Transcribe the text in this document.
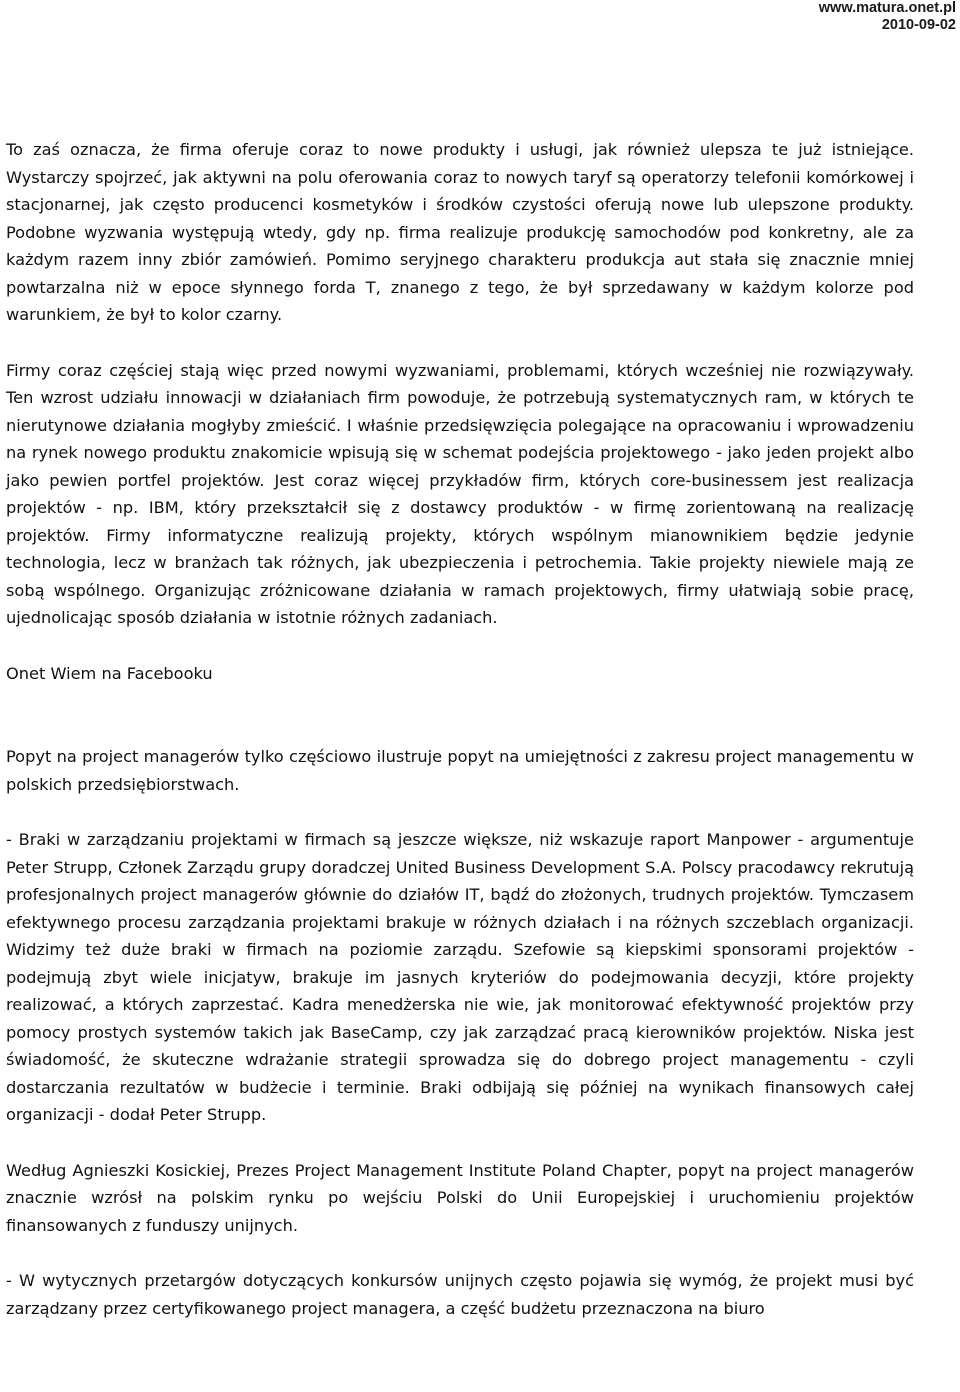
www.matura.onet.pl
2010-09-02

To zaś oznacza, że firma oferuje coraz to nowe produkty i usługi, jak również ulepsza te już istniejące. Wystarczy spojrzeć, jak aktywni na polu oferowania coraz to nowych taryf są operatorzy telefonii komórkowej i stacjonarnej, jak często producenci kosmetyków i środków czystości oferują nowe lub ulepszone produkty. Podobne wyzwania występują wtedy, gdy np. firma realizuje produkcję samochodów pod konkretny, ale za każdym razem inny zbiór zamówień. Pomimo seryjnego charakteru produkcja aut stała się znacznie mniej powtarzalna niż w epoce słynnego forda T, znanego z tego, że był sprzedawany w każdym kolorze pod warunkiem, że był to kolor czarny.

Firmy coraz częściej stają więc przed nowymi wyzwaniami, problemami, których wcześniej nie rozwiązywały. Ten wzrost udziału innowacji w działaniach firm powoduje, że potrzebują systematycznych ram, w których te nierutynowe działania mogłyby zmieścić. I właśnie przedsięwzięcia polegające na opracowaniu i wprowadzeniu na rynek nowego produktu znakomicie wpisują się w schemat podejścia projektowego - jako jeden projekt albo jako pewien portfel projektów. Jest coraz więcej przykładów firm, których core-businessem jest realizacja projektów - np. IBM, który przekształcił się z dostawcy produktów - w firmę zorientowaną na realizację projektów. Firmy informatyczne realizują projekty, których wspólnym mianownikiem będzie jedynie technologia, lecz w branżach tak różnych, jak ubezpieczenia i petrochemia. Takie projekty niewiele mają ze sobą wspólnego. Organizując zróżnicowane działania w ramach projektowych, firmy ułatwiają sobie pracę, ujednolicając sposób działania w istotnie różnych zadaniach.

Onet Wiem na Facebooku

Popyt na project managerów tylko częściowo ilustruje popyt na umiejętności z zakresu project managementu w polskich przedsiębiorstwach.

- Braki w zarządzaniu projektami w firmach są jeszcze większe, niż wskazuje raport Manpower - argumentuje Peter Strupp, Członek Zarządu grupy doradczej United Business Development S.A. Polscy pracodawcy rekrutują profesjonalnych project managerów głównie do działów IT, bądź do złożonych, trudnych projektów. Tymczasem efektywnego procesu zarządzania projektami brakuje w różnych działach i na różnych szczeblach organizacji. Widzimy też duże braki w firmach na poziomie zarządu. Szefowie są kiepskimi sponsorami projektów - podejmują zbyt wiele inicjatyw, brakuje im jasnych kryteriów do podejmowania decyzji, które projekty realizować, a których zaprzestać. Kadra menedżerska nie wie, jak monitorować efektywność projektów przy pomocy prostych systemów takich jak BaseCamp, czy jak zarządzać pracą kierowników projektów. Niska jest świadomość, że skuteczne wdrażanie strategii sprowadza się do dobrego project managementu - czyli dostarczania rezultatów w budżecie i terminie. Braki odbijają się później na wynikach finansowych całej organizacji - dodał Peter Strupp.

Według Agnieszki Kosickiej, Prezes Project Management Institute Poland Chapter, popyt na project managerów znacznie wzrósł na polskim rynku po wejściu Polski do Unii Europejskiej i uruchomieniu projektów finansowanych z funduszy unijnych.

- W wytycznych przetargów dotyczących konkursów unijnych często pojawia się wymóg, że projekt musi być zarządzany przez certyfikowanego project managera, a część budżetu przeznaczona na biuro
